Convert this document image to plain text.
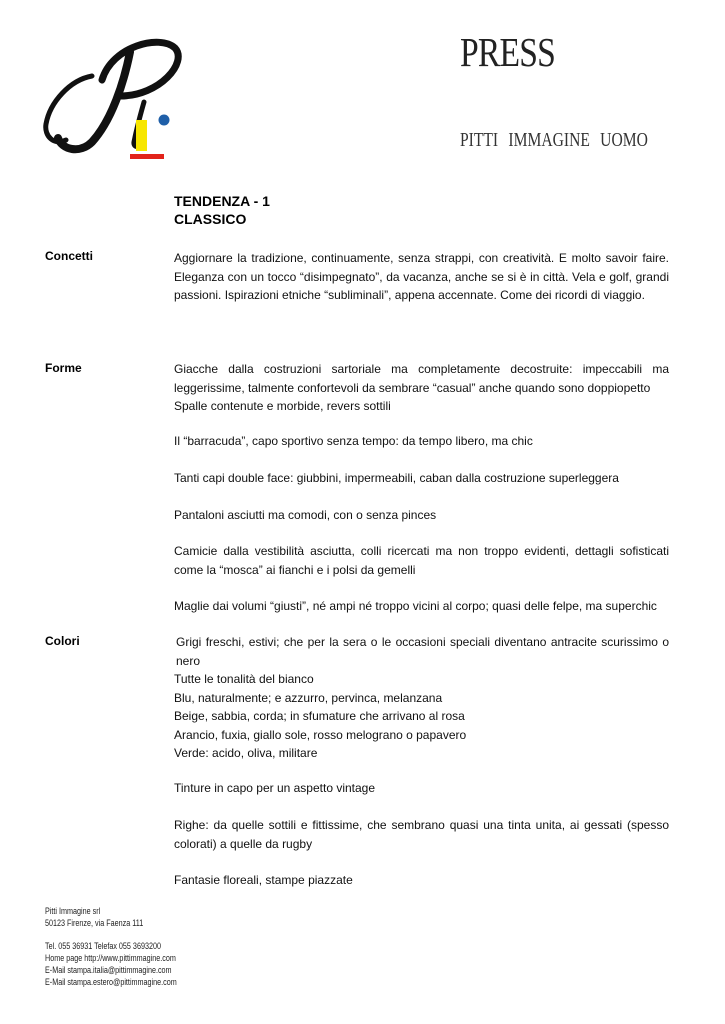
PRESS
PITTI IMMAGINE UOMO
TENDENZA - 1
CLASSICO
Concetti	Aggiornare la tradizione, continuamente, senza strappi, con creatività. E molto savoir faire. Eleganza con un tocco “disimpegnato”, da vacanza, anche se si è in città. Vela e golf, grandi passioni. Ispirazioni etniche “subliminali”, appena accennate. Come dei ricordi di viaggio.
Forme	Giacche dalla costruzioni sartoriale ma completamente decostruite: impeccabili ma leggerissime, talmente confortevoli da sembrare “casual” anche quando sono doppiopetto
Spalle contenute e morbide, revers sottili
Il “barracuda”, capo sportivo senza tempo: da tempo libero, ma chic
Tanti capi double face: giubbini, impermeabili, caban dalla costruzione superleggera
Pantaloni asciutti ma comodi, con o senza pinces
Camicie dalla vestibilità asciutta, colli ricercati ma non troppo evidenti, dettagli sofisticati come la “mosca” ai fianchi e i polsi da gemelli
Maglie dai volumi “giusti”, né ampi né troppo vicini al corpo; quasi delle felpe, ma superchic
Colori	Grigi freschi, estivi; che per la sera o le occasioni speciali diventano antracite scurissimo o nero
Tutte le tonalità del bianco
Blu, naturalmente; e azzurro, pervinca, melanzana
Beige, sabbia, corda; in sfumature che arrivano al rosa
Arancio, fuxia, giallo sole, rosso melograno o papavero
Verde: acido, oliva, militare
Tinture in capo per un aspetto vintage
Righe: da quelle sottili e fittissime, che sembrano quasi una tinta unita, ai gessati (spesso colorati) a quelle da rugby
Fantasie floreali, stampe piazzate
Pitti Immagine srl
50123 Firenze, via Faenza 111
Tel. 055 36931 Telefax 055 3693200
Home page http://www.pittimmagine.com
E-Mail stampa.italia@pittimmagine.com
E-Mail stampa.estero@pittimmagine.com
